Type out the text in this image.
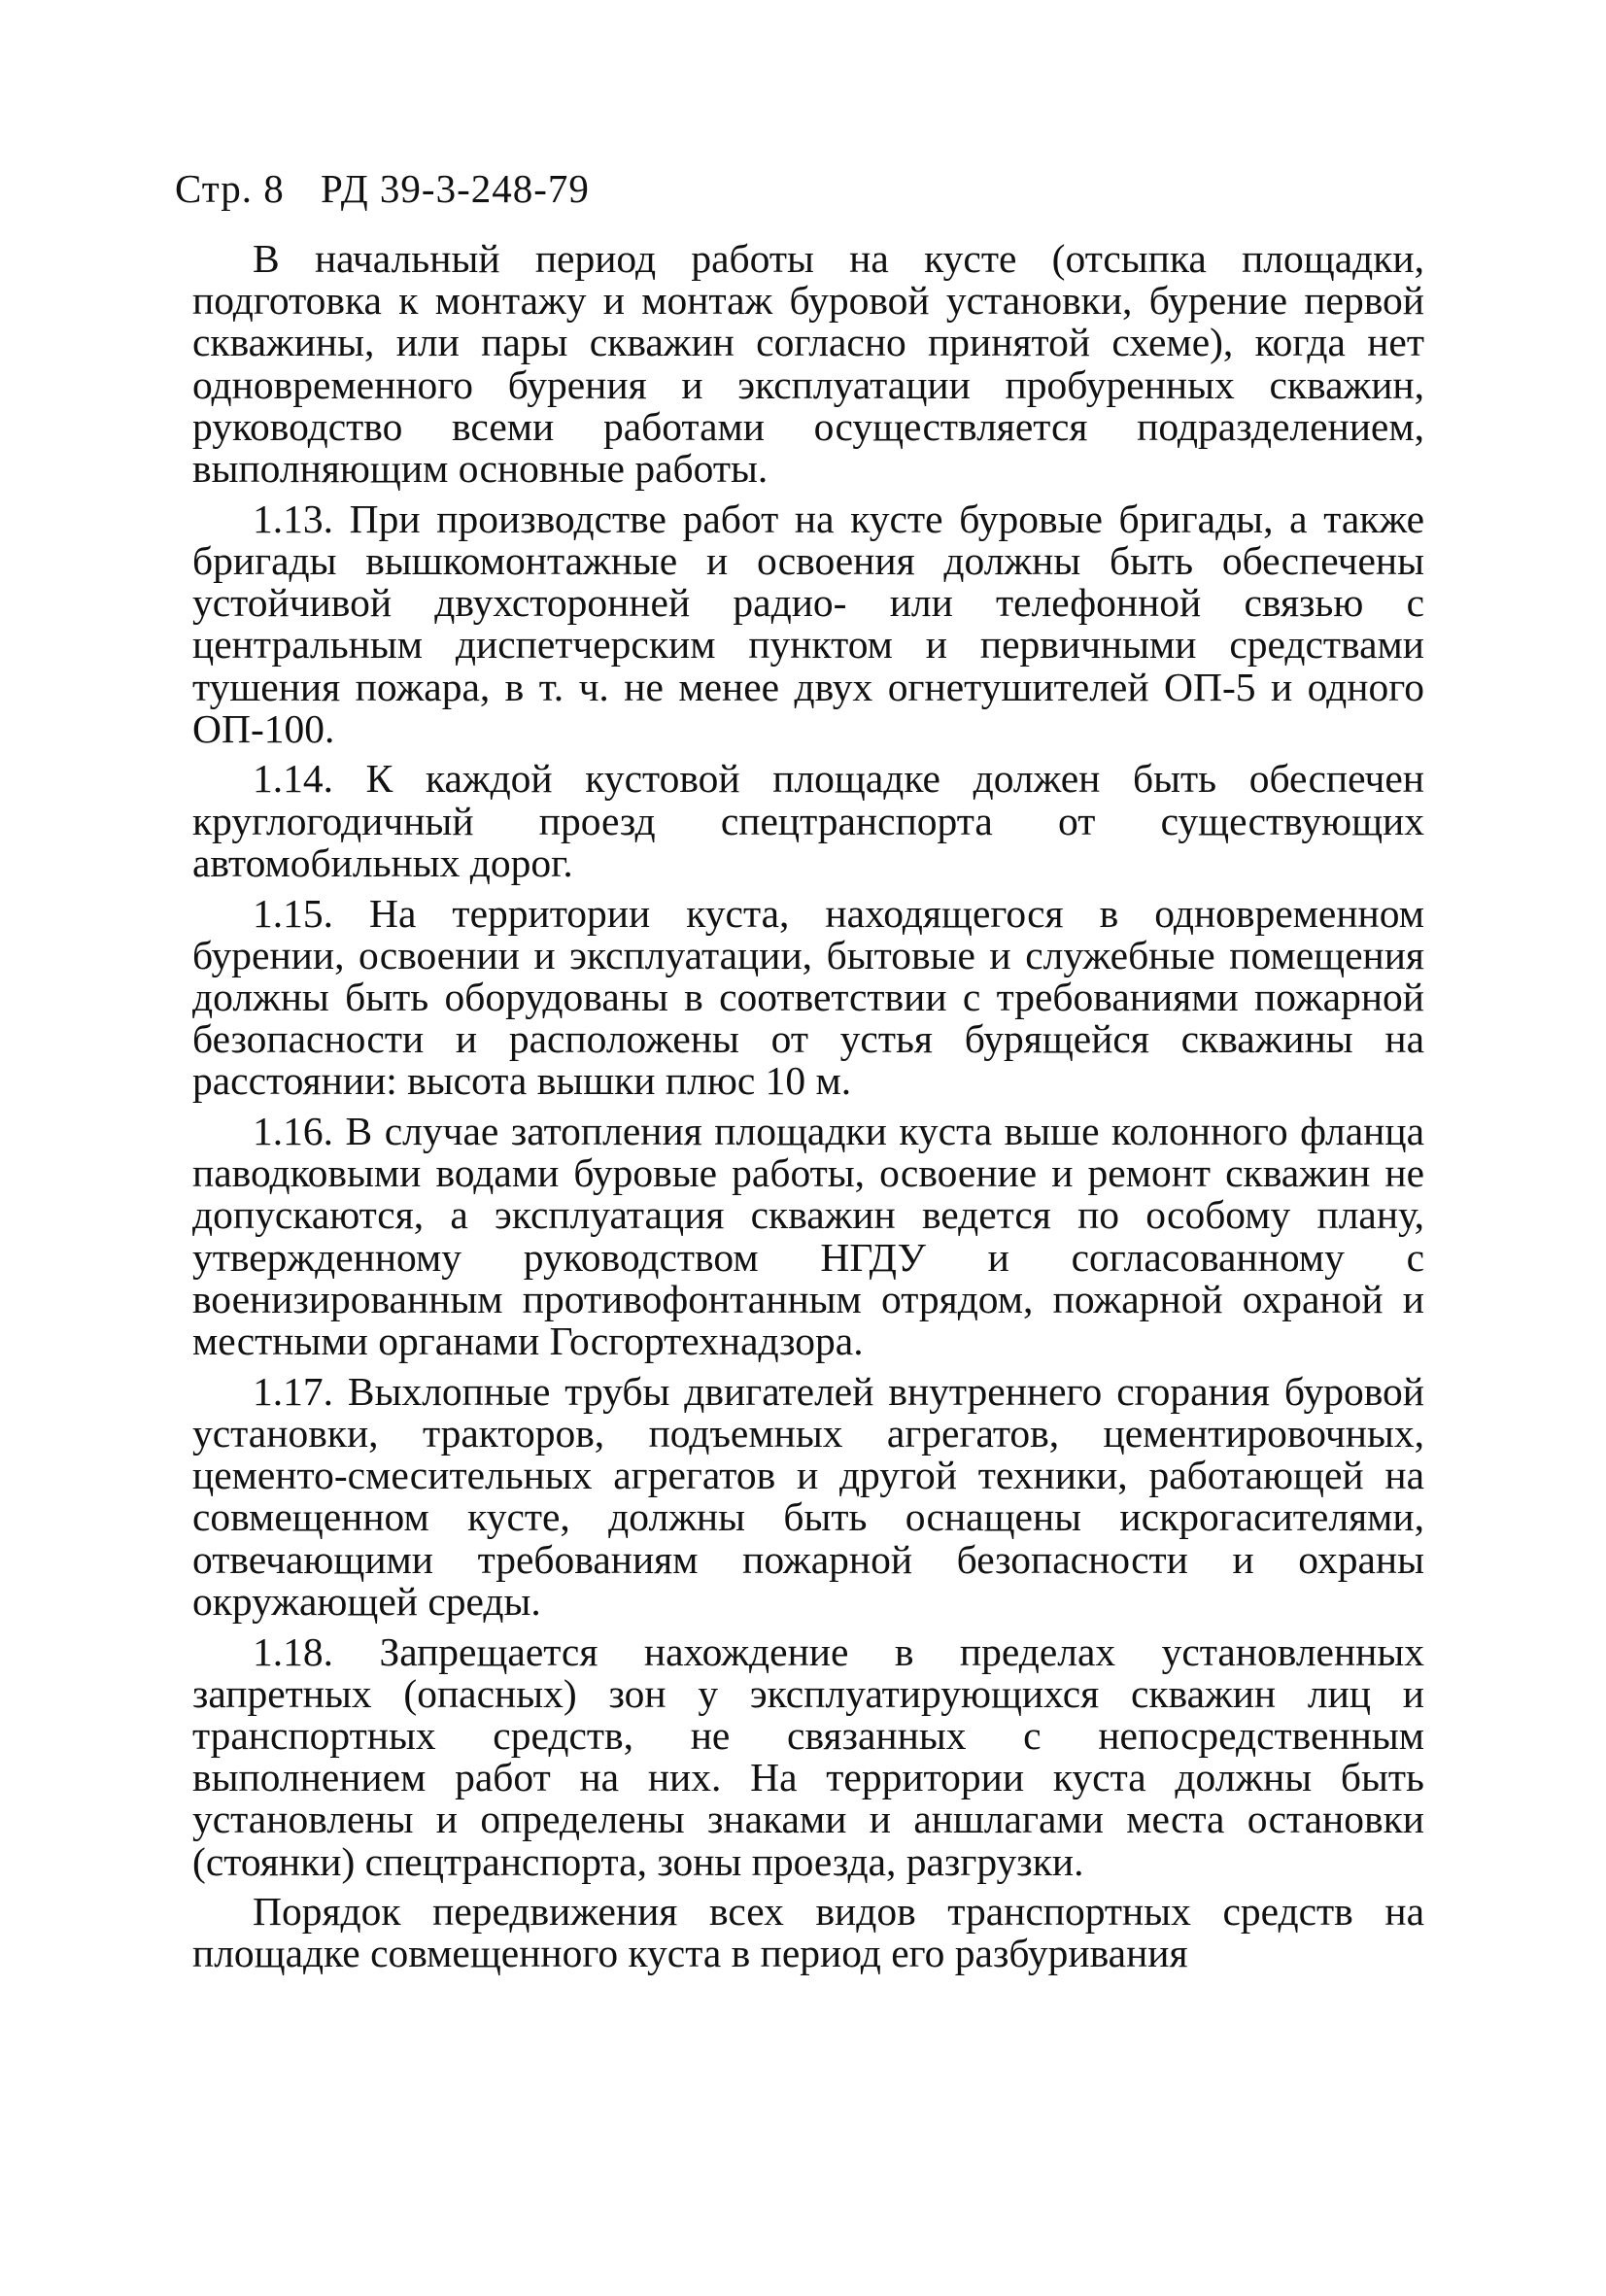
Стр. 8 РД 39-3-248-79

В начальный период работы на кусте (отсыпка площадки, подготовка к монтажу и монтаж буровой установки, бурение первой скважины, или пары скважин согласно принятой схеме), когда нет одновременного бурения и эксплуатации пробуренных скважин, руководство всеми работами осуществляется подразделением, выполняющим основные работы.

1.13. При производстве работ на кусте буровые бригады, а также бригады вышкомонтажные и освоения должны быть обеспечены устойчивой двухсторонней радио- или телефонной связью с центральным диспетчерским пунктом и первичными средствами тушения пожара, в т. ч. не менее двух огнетушителей ОП-5 и одного ОП-100.

1.14. К каждой кустовой площадке должен быть обеспечен круглогодичный проезд спецтранспорта от существующих автомобильных дорог.

1.15. На территории куста, находящегося в одновременном бурении, освоении и эксплуатации, бытовые и служебные помещения должны быть оборудованы в соответствии с требованиями пожарной безопасности и расположены от устья бурящейся скважины на расстоянии: высота вышки плюс 10 м.

1.16. В случае затопления площадки куста выше колонного фланца паводковыми водами буровые работы, освоение и ремонт скважин не допускаются, а эксплуатация скважин ведется по особому плану, утвержденному руководством НГДУ и согласованному с военизированным противофонтанным отрядом, пожарной охраной и местными органами Госгортехнадзора.

1.17. Выхлопные трубы двигателей внутреннего сгорания буровой установки, тракторов, подъемных агрегатов, цементировочных, цементо-смесительных агрегатов и другой техники, работающей на совмещенном кусте, должны быть оснащены искрогасителями, отвечающими требованиям пожарной безопасности и охраны окружающей среды.

1.18. Запрещается нахождение в пределах установленных запретных (опасных) зон у эксплуатирующихся скважин лиц и транспортных средств, не связанных с непосредственным выполнением работ на них. На территории куста должны быть установлены и определены знаками и аншлагами места остановки (стоянки) спецтранспорта, зоны проезда, разгрузки.

Порядок передвижения всех видов транспортных средств на площадке совмещенного куста в период его разбуривания
